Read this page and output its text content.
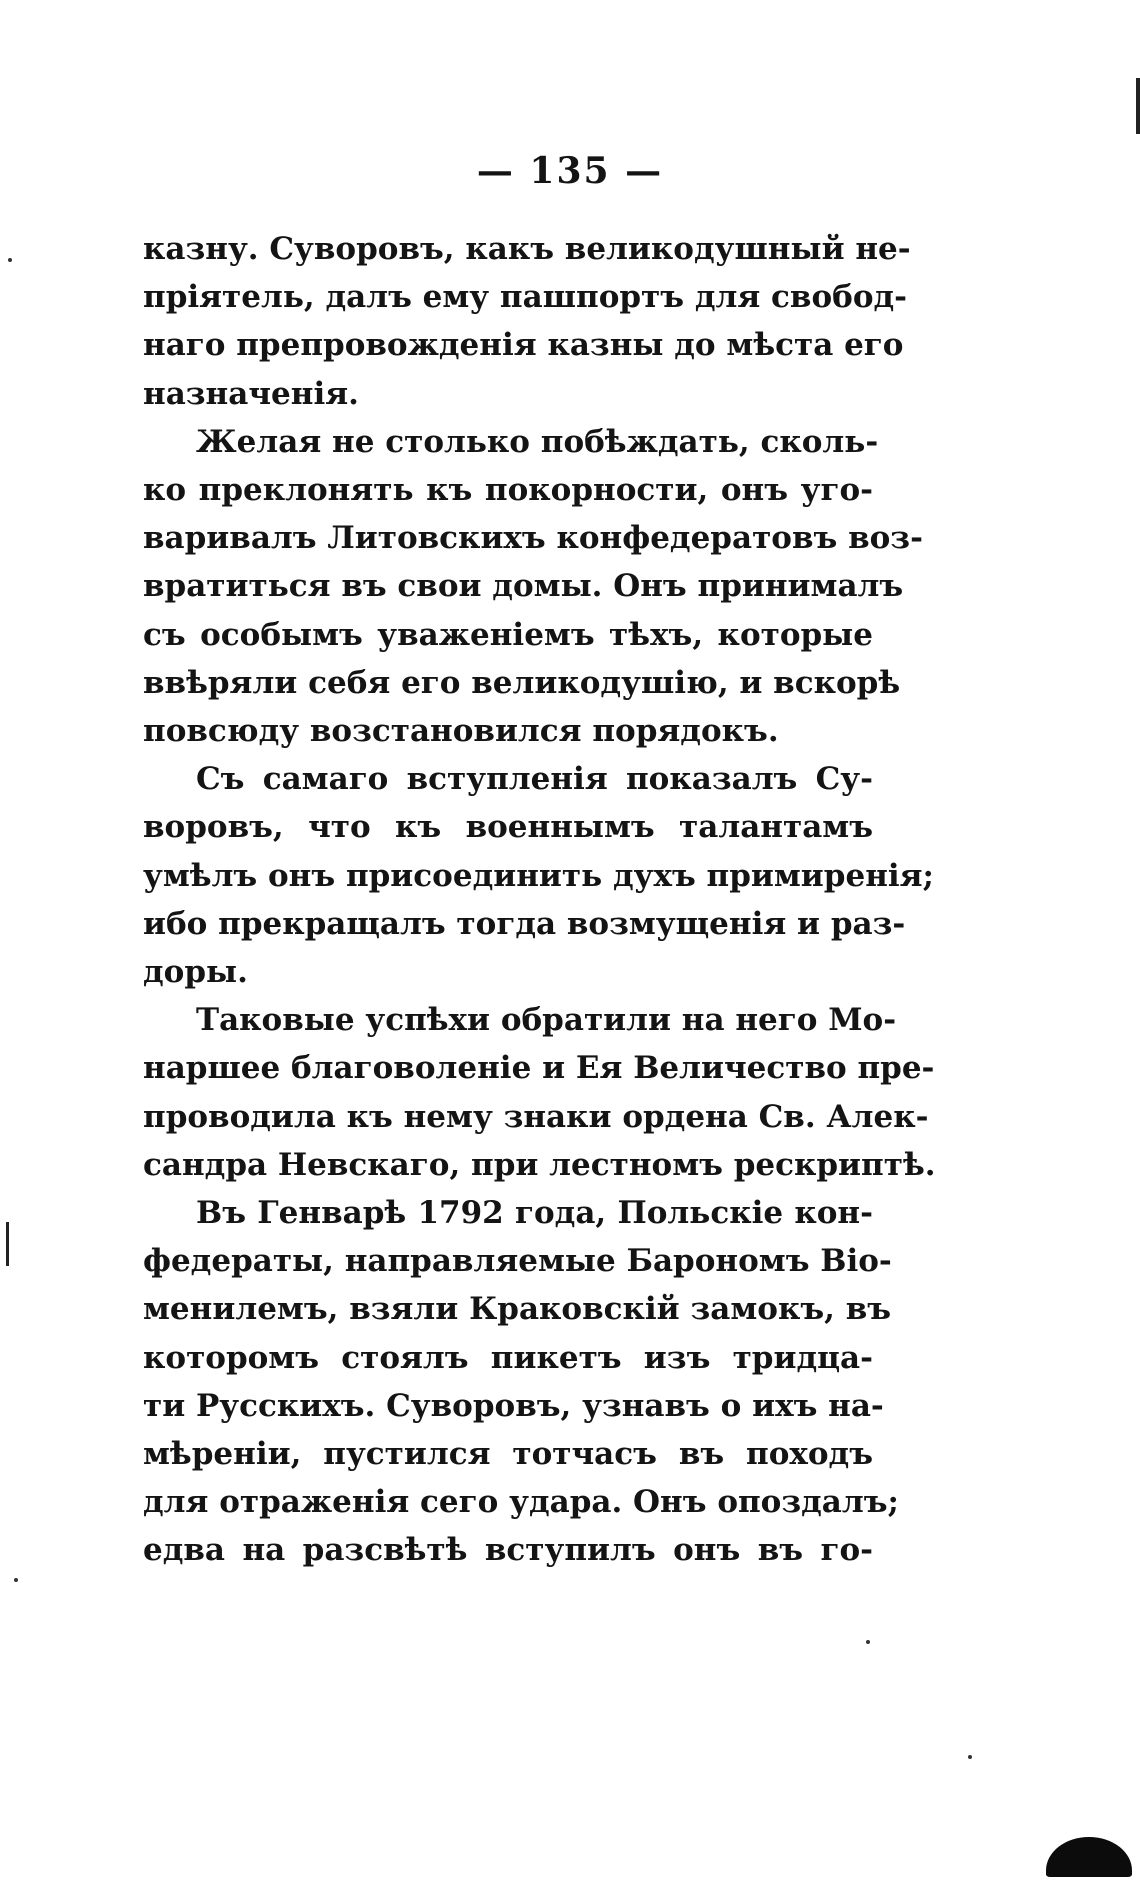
— 135 —
казну. Суворовъ, какъ великодушный не-
пріятель, далъ ему пашпортъ для свобод-
наго препровожденія казны до мѣста его
назначенія.
Желая не столько побѣждать, сколь-
ко преклонять къ покорности, онъ уго-
варивалъ Литовскихъ конфедератовъ воз-
вратиться въ свои домы. Онъ принималъ
съ особымъ уваженіемъ тѣхъ, которые
ввѣряли себя его великодушію, и вскорѣ
повсюду возстановился порядокъ.
Съ самаго вступленія показалъ Су-
воровъ, что къ военнымъ талантамъ
умѣлъ онъ присоединить духъ примиренія;
ибо прекращалъ тогда возмущенія и раз-
доры.
Таковые успѣхи обратили на него Мо-
наршее благоволеніе и Ея Величество пре-
проводила къ нему знаки ордена Св. Алек-
сандра Невскаго, при лестномъ рескриптѣ.
Въ Генварѣ 1792 года, Польскіе кон-
федераты, направляемые Барономъ Віо-
менилемъ, взяли Краковскій замокъ, въ
которомъ стоялъ пикетъ изъ тридца-
ти Русскихъ. Суворовъ, узнавъ о ихъ на-
мѣреніи, пустился тотчасъ въ походъ
для отраженія сего удара. Онъ опоздалъ;
едва на разсвѣтѣ вступилъ онъ въ го-
